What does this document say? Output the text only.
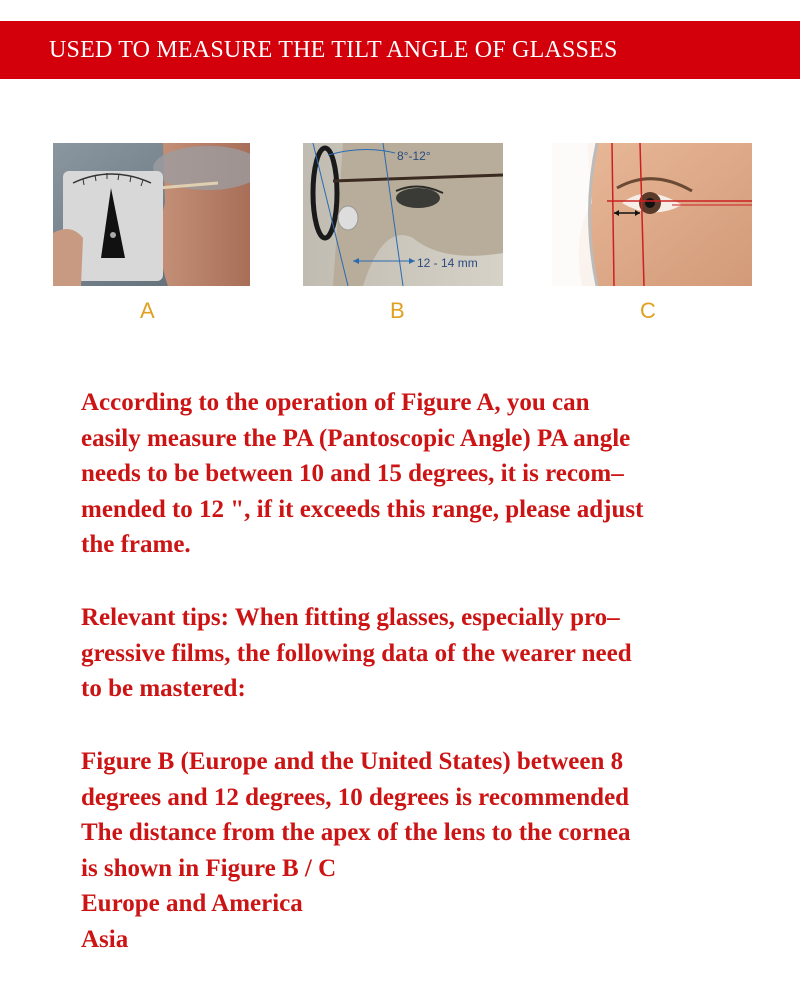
USED TO MEASURE THE TILT ANGLE OF GLASSES
8°-12°
12 - 14 mm
A	B	C

According to the operation of Figure A, you can

easily measure the PA (Pantoscopic Angle) PA angle

needs to be between 10 and 15 degrees, it is recom–

mended to 12 ", if it exceeds this range, please adjust

the frame.

Relevant tips: When fitting glasses, especially pro–

gressive films, the following data of the wearer need

to be mastered:

Figure B (Europe and the United States) between 8

degrees and 12 degrees, 10 degrees is recommended

The distance from the apex of the lens to the cornea

is shown in Figure B / C

Europe and America

Asia
